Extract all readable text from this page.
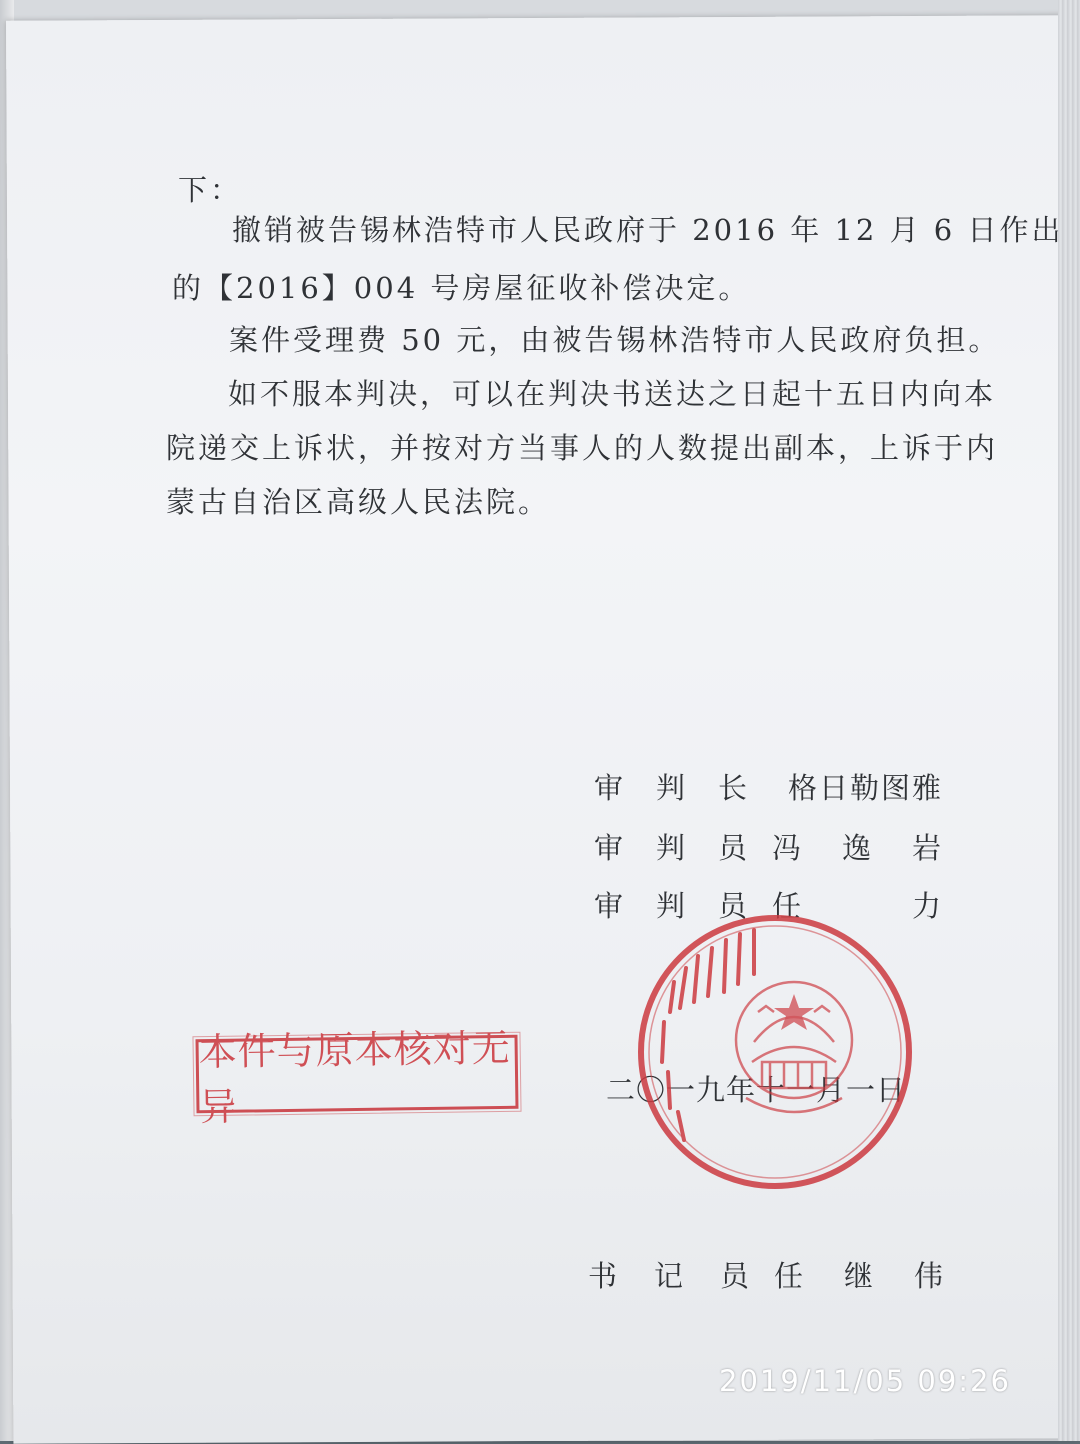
下：
撤销被告锡林浩特市人民政府于 2016 年 12 月 6 日作出
的【2016】004 号房屋征收补偿决定。
案件受理费 50 元，由被告锡林浩特市人民政府负担。
如不服本判决，可以在判决书送达之日起十五日内向本
院递交上诉状，并按对方当事人的人数提出副本，上诉于内
蒙古自治区高级人民法院。
审 判 长 格日勒图雅
审 判 员 冯　逸　岩
审 判 员 任　　　力
二〇一九年十一月一日
书 记 员 任　继　伟
本件与原本核对无异
2019/11/05 09:26
